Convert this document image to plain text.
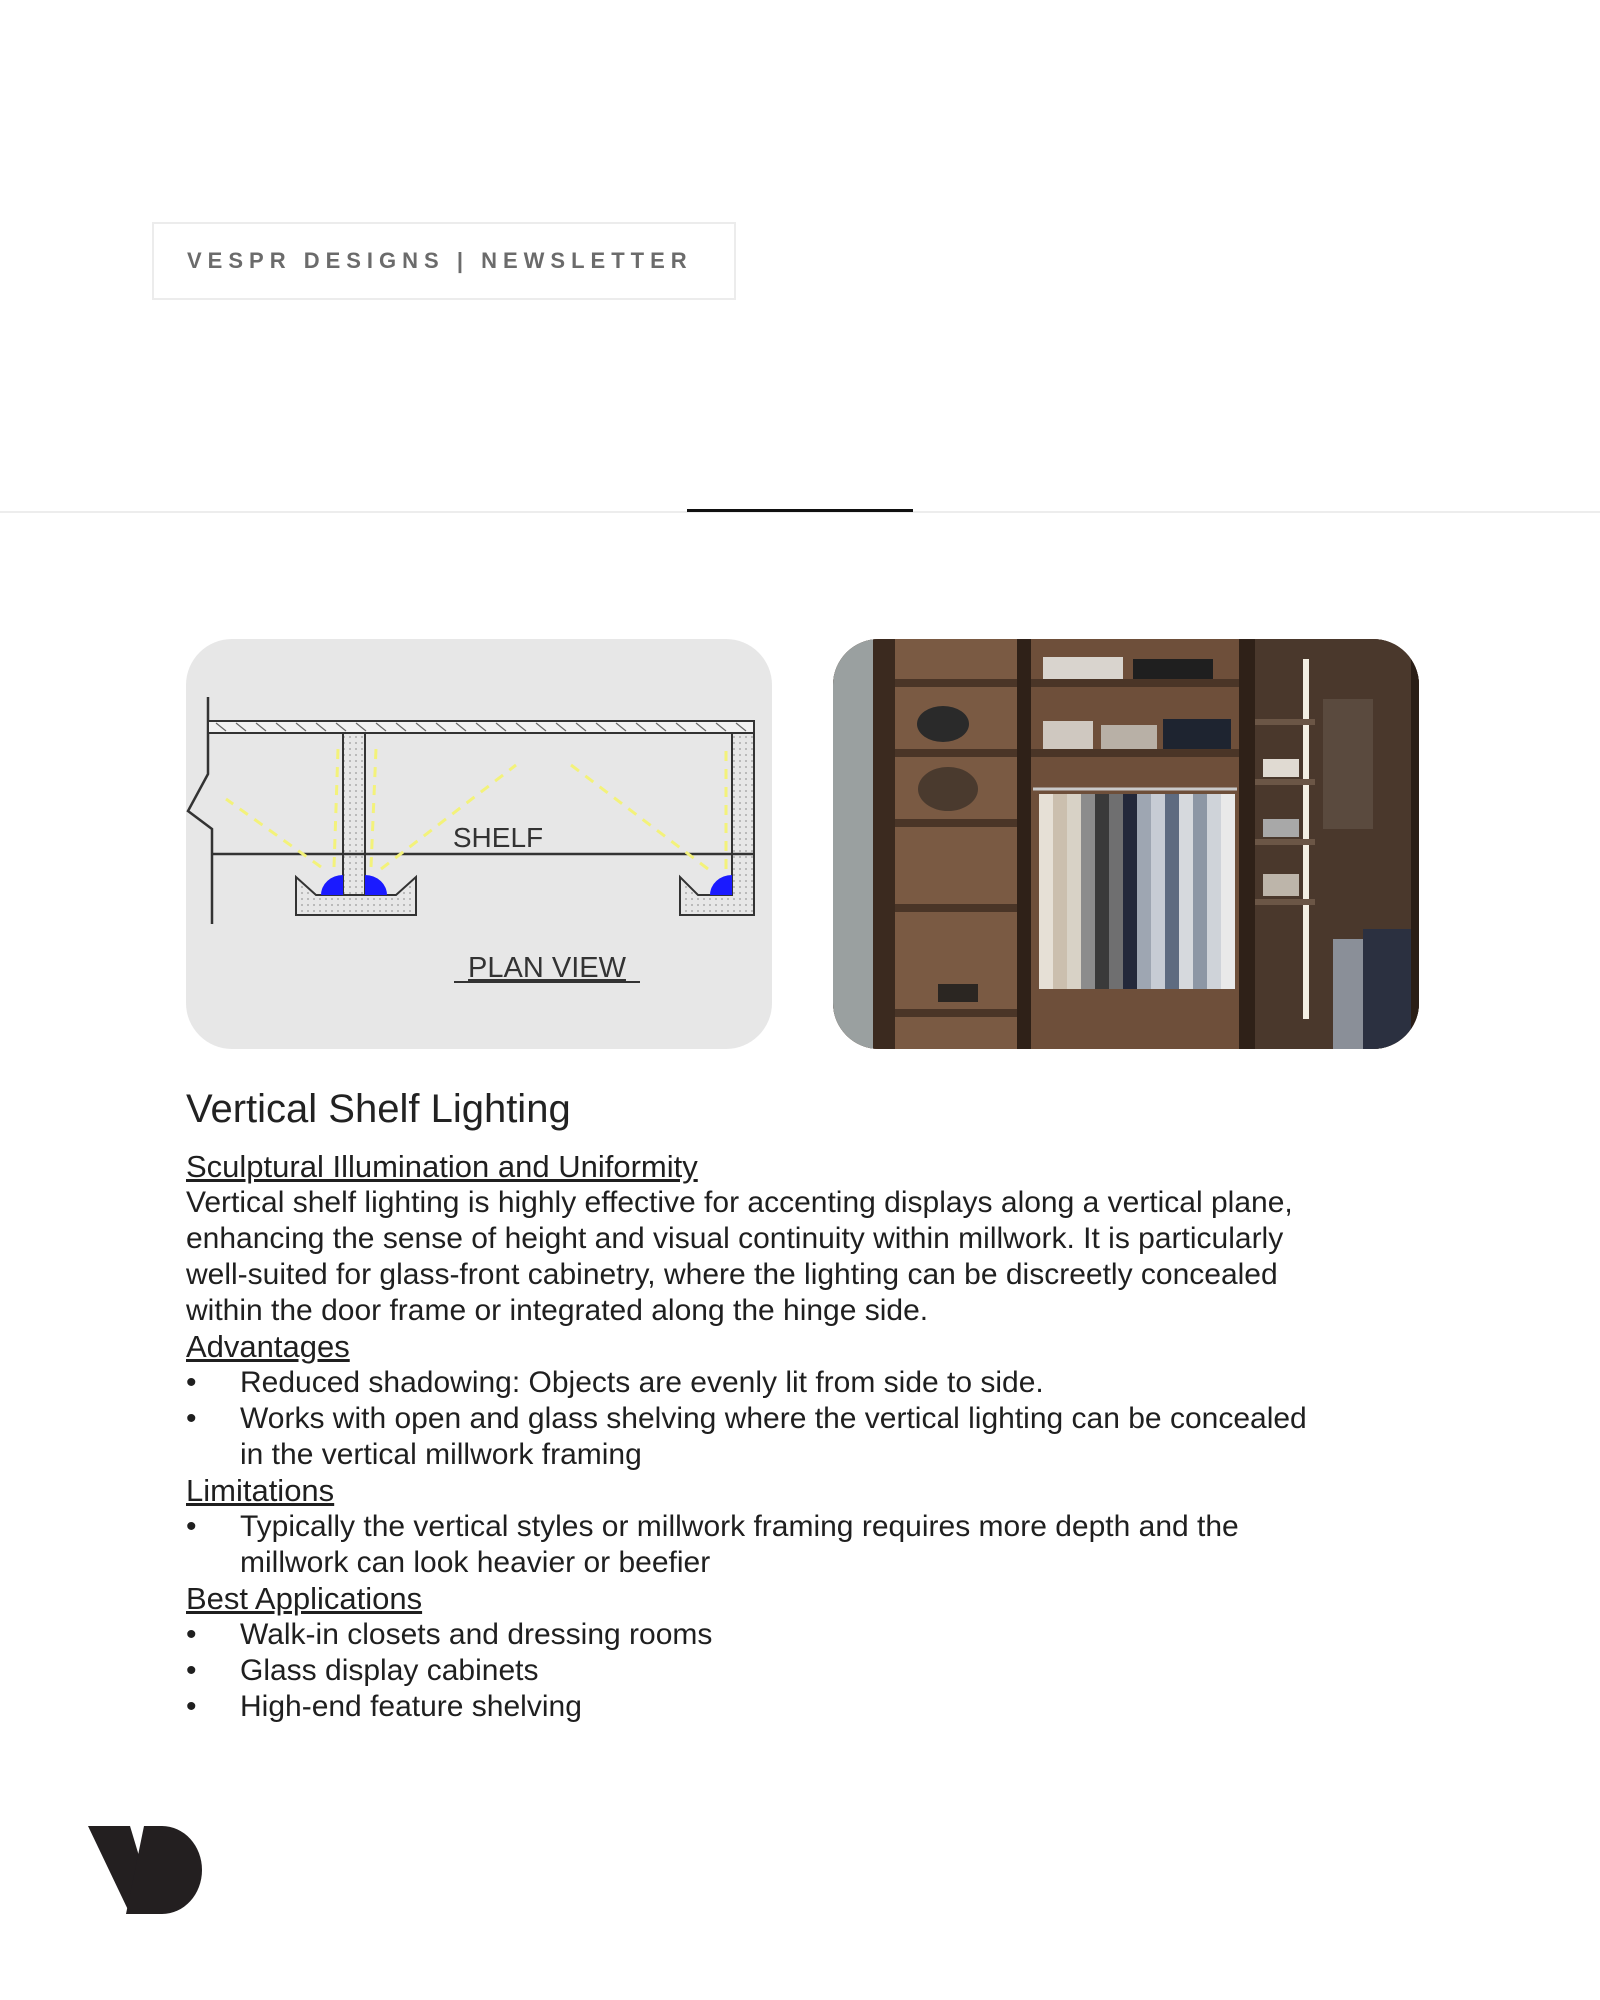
VESPR DESIGNS | NEWSLETTER
SHELF
PLAN VIEW
Vertical Shelf Lighting
Sculptural Illumination and Uniformity

Vertical shelf lighting is highly effective for accenting displays along a vertical plane, enhancing the sense of height and visual continuity within millwork. It is particularly well-suited for glass-front cabinetry, where the lighting can be discreetly concealed within the door frame or integrated along the hinge side.

Advantages
• Reduced shadowing: Objects are evenly lit from side to side.
• Works with open and glass shelving where the vertical lighting can be concealed in the vertical millwork framing
Limitations
• Typically the vertical styles or millwork framing requires more depth and the millwork can look heavier or beefier
Best Applications
• Walk-in closets and dressing rooms
• Glass display cabinets
• High-end feature shelving
